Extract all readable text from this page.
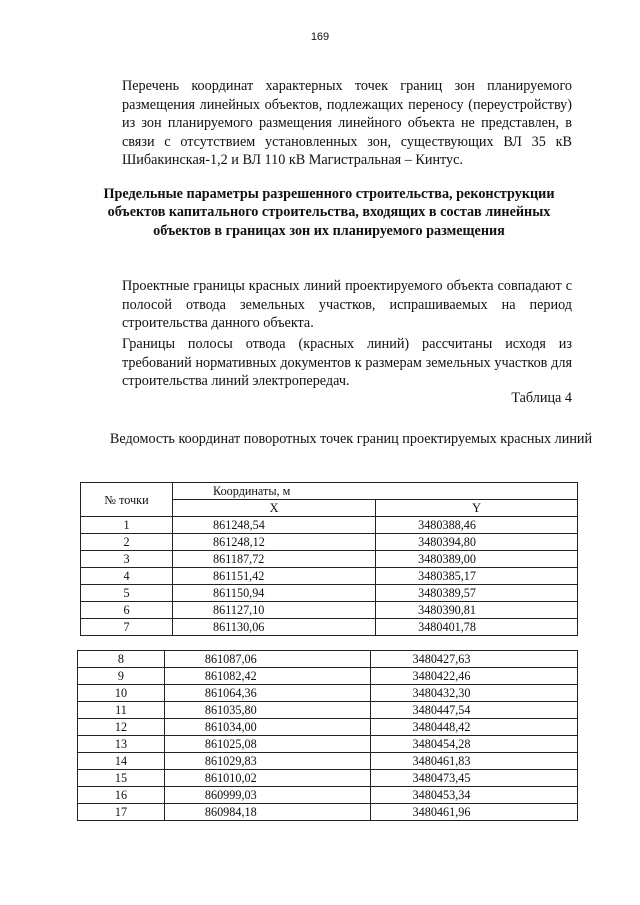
169
Перечень координат характерных точек границ зон планируемого размещения линейных объектов, подлежащих переносу (переустройству) из зон планируемого размещения линейного объекта не представлен, в связи с отсутствием установленных зон, существующих ВЛ 35 кВ Шибакинская-1,2 и ВЛ 110 кВ Магистральная – Кинтус.
Предельные параметры разрешенного строительства, реконструкции объектов капитального строительства, входящих в состав линейных объектов в границах зон их планируемого размещения
Проектные границы красных линий проектируемого объекта совпадают с полосой отвода земельных участков, испрашиваемых на период строительства данного объекта.
Границы полосы отвода (красных линий) рассчитаны исходя из требований нормативных документов к размерам земельных участков для строительства линий электропередач.
Таблица 4
Ведомость координат поворотных точек границ проектируемых красных линий
№ точки	Координаты, м	
	X	Y
1	861248,54	3480388,46
2	861248,12	3480394,80
3	861187,72	3480389,00
4	861151,42	3480385,17
5	861150,94	3480389,57
6	861127,10	3480390,81
7	861130,06	3480401,78
8	861087,06	3480427,63
9	861082,42	3480422,46
10	861064,36	3480432,30
11	861035,80	3480447,54
12	861034,00	3480448,42
13	861025,08	3480454,28
14	861029,83	3480461,83
15	861010,02	3480473,45
16	860999,03	3480453,34
17	860984,18	3480461,96
